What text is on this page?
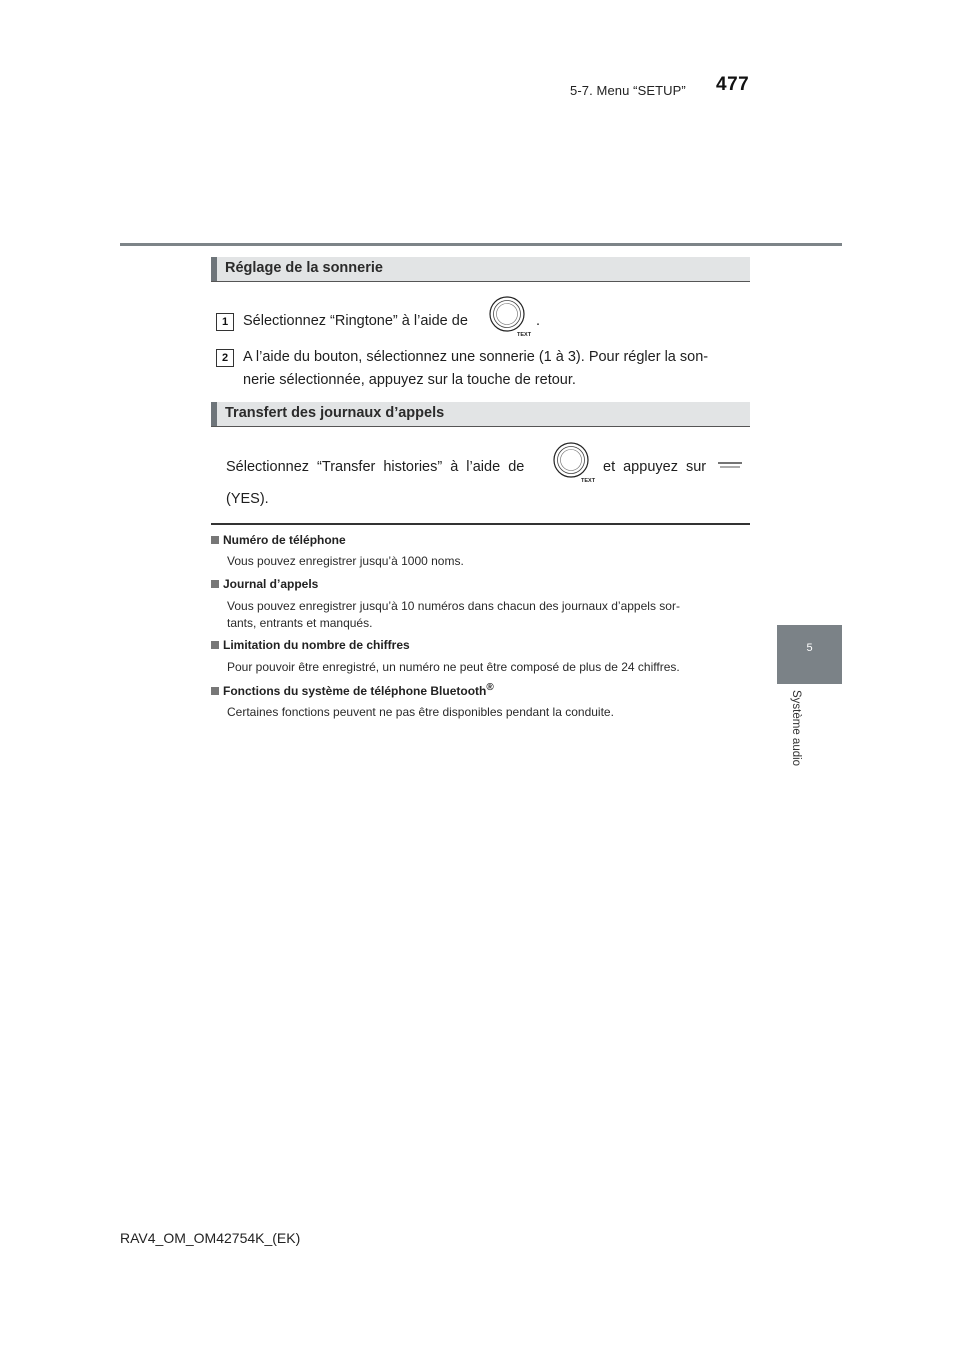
5-7. Menu “SETUP” 477
5
Système audio
Réglage de la sonnerie
1	Sélectionnez “Ringtone” à l’aide de
TEXT
.
2	A l’aide du bouton, sélectionnez une sonnerie (1 à 3). Pour régler la son-
nerie sélectionnée, appuyez sur la touche de retour.
Transfert des journaux d’appels
Sélectionnez “Transfer histories” à l’aide de
TEXT
et appuyez sur
(YES).
Numéro de téléphone
Vous pouvez enregistrer jusqu’à 1000 noms.
Journal d’appels
Vous pouvez enregistrer jusqu’à 10 numéros dans chacun des journaux d’appels sor-
tants, entrants et manqués.
Limitation du nombre de chiffres
Pour pouvoir être enregistré, un numéro ne peut être composé de plus de 24 chiffres.
Fonctions du système de téléphone Bluetooth®
Certaines fonctions peuvent ne pas être disponibles pendant la conduite.
RAV4_OM_OM42754K_(EK)
